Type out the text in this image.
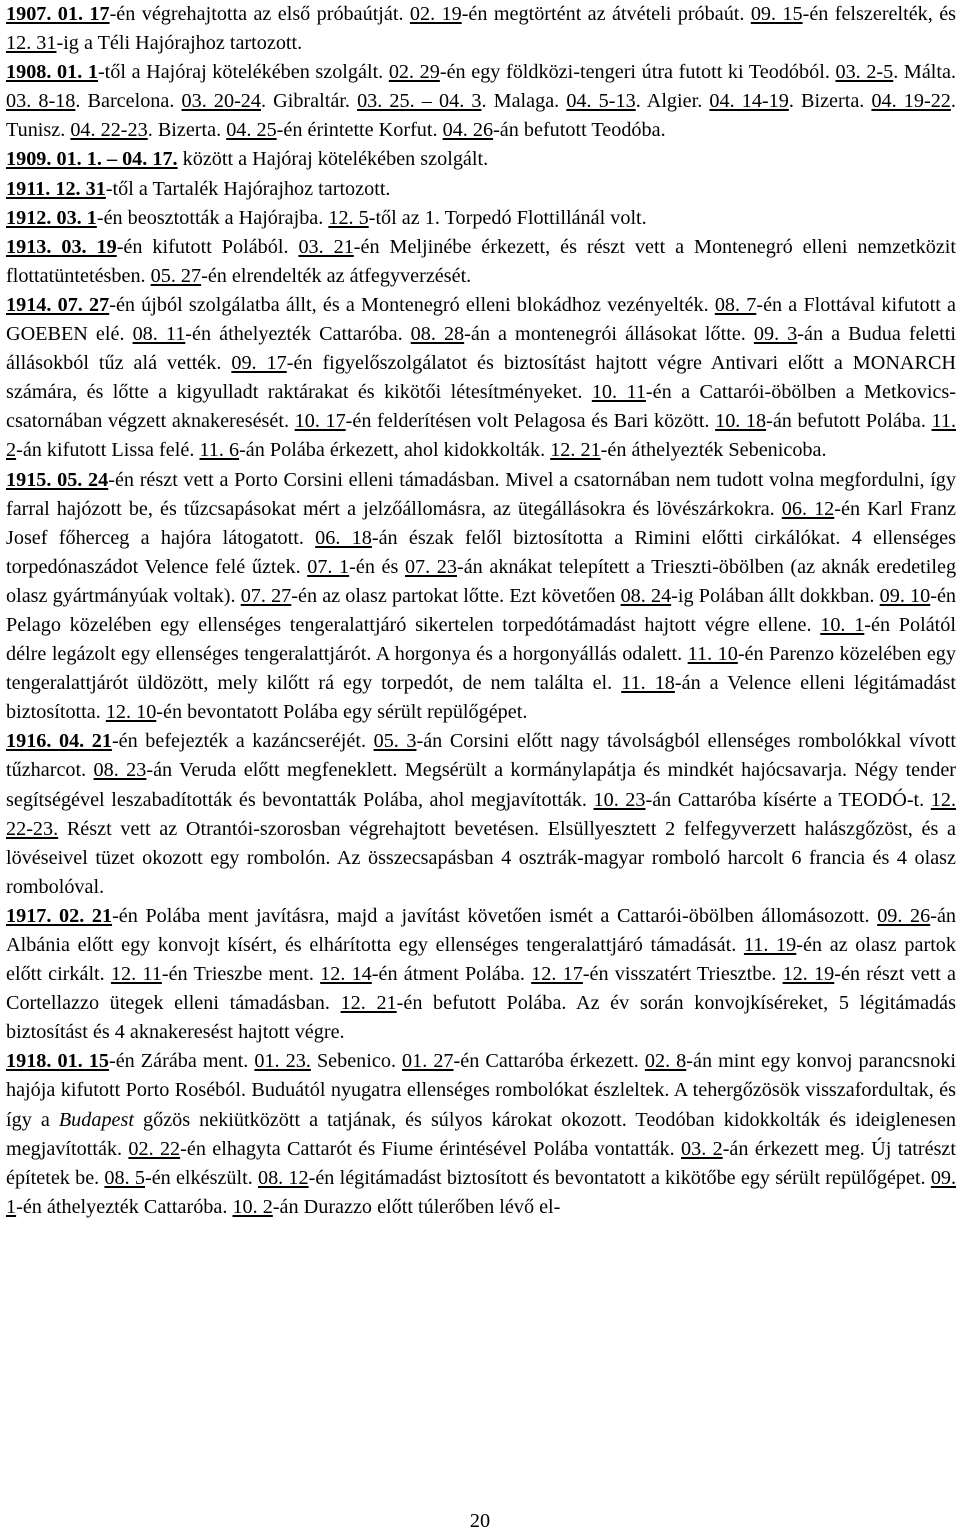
1907. 01. 17-én végrehajtotta az első próbaútját. 02. 19-én megtörtént az átvételi próbaút. 09. 15-én felszerelték, és 12. 31-ig a Téli Hajórajhoz tartozott.

1908. 01. 1-től a Hajóraj kötelékében szolgált. 02. 29-én egy földközi-tengeri útra futott ki Teodóból. 03. 2-5. Málta. 03. 8-18. Barcelona. 03. 20-24. Gibraltár. 03. 25. – 04. 3. Malaga. 04. 5-13. Algier. 04. 14-19. Bizerta. 04. 19-22. Tunisz. 04. 22-23. Bizerta. 04. 25-én érintette Korfut. 04. 26-án befutott Teodóba.

1909. 01. 1. – 04. 17. között a Hajóraj kötelékében szolgált.

1911. 12. 31-től a Tartalék Hajórajhoz tartozott.

1912. 03. 1-én beosztották a Hajórajba. 12. 5-től az 1. Torpedó Flottillánál volt.

1913. 03. 19-én kifutott Polából. 03. 21-én Meljinébe érkezett, és részt vett a Montenegró elleni nemzetközit flottatüntetésben. 05. 27-én elrendelték az átfegyverzését.

1914. 07. 27-én újból szolgálatba állt, és a Montenegró elleni blokádhoz vezényelték. 08. 7-én a Flottával kifutott a GOEBEN elé. 08. 11-én áthelyezték Cattaróba. 08. 28-án a montenegrói állásokat lőtte. 09. 3-án a Budua feletti állásokból tűz alá vették. 09. 17-én figyelőszolgálatot és biztosítást hajtott végre Antivari előtt a MONARCH számára, és lőtte a kigyulladt raktárakat és kikötői létesítményeket. 10. 11-én a Cattarói-öbölben a Metkovics-csatornában végzett aknakeresését. 10. 17-én felderítésen volt Pelagosa és Bari között. 10. 18-án befutott Polába. 11. 2-án kifutott Lissa felé. 11. 6-án Polába érkezett, ahol kidokkolták. 12. 21-én áthelyezték Sebenicoba.

1915. 05. 24-én részt vett a Porto Corsini elleni támadásban. Mivel a csatornában nem tudott volna megfordulni, így farral hajózott be, és tűzcsapásokat mért a jelzőállomásra, az ütegállásokra és lövészárkokra. 06. 12-én Karl Franz Josef főherceg a hajóra látogatott. 06. 18-án észak felől biztosította a Rimini előtti cirkálókat. 4 ellenséges torpedónaszádot Velence felé űztek. 07. 1-én és 07. 23-án aknákat telepített a Trieszti-öbölben (az aknák eredetileg olasz gyártmányúak voltak). 07. 27-én az olasz partokat lőtte. Ezt követően 08. 24-ig Polában állt dokkban. 09. 10-én Pelago közelében egy ellenséges tengeralattjáró sikertelen torpedótámadást hajtott végre ellene. 10. 1-én Polától délre legázolt egy ellenséges tengeralattjárót. A horgonya és a horgonyállás odalett. 11. 10-én Parenzo közelében egy tengeralattjárót üldözött, mely kilőtt rá egy torpedót, de nem találta el. 11. 18-án a Velence elleni légitámadást biztosította. 12. 10-én bevontatott Polába egy sérült repülőgépet.

1916. 04. 21-én befejezték a kazáncseréjét. 05. 3-án Corsini előtt nagy távolságból ellenséges rombolókkal vívott tűzharcot. 08. 23-án Veruda előtt megfeneklett. Megsérült a kormánylapátja és mindkét hajócsavarja. Négy tender segítségével leszabadították és bevontatták Polába, ahol megjavították. 10. 23-án Cattaróba kísérte a TEODÓ-t. 12. 22-23. Részt vett az Otrantói-szorosban végrehajtott bevetésen. Elsüllyesztett 2 felfegyverzett halászgőzöst, és a lövéseivel tüzet okozott egy rombolón. Az összecsapásban 4 osztrák-magyar romboló harcolt 6 francia és 4 olasz rombolóval.

1917. 02. 21-én Polába ment javításra, majd a javítást követően ismét a Cattarói-öbölben állomásozott. 09. 26-án Albánia előtt egy konvojt kísért, és elhárította egy ellenséges tengeralattjáró támadását. 11. 19-én az olasz partok előtt cirkált. 12. 11-én Trieszbe ment. 12. 14-én átment Polába. 12. 17-én visszatért Triesztbe. 12. 19-én részt vett a Cortellazzo ütegek elleni támadásban. 12. 21-én befutott Polába. Az év során konvojkíséreket, 5 légitámadás biztosítást és 4 aknakeresést hajtott végre.

1918. 01. 15-én Zárába ment. 01. 23. Sebenico. 01. 27-én Cattaróba érkezett. 02. 8-án mint egy konvoj parancsnoki hajója kifutott Porto Roséból. Buduától nyugatra ellenséges rombolókat észleltek. A tehergőzösök visszafordultak, és így a Budapest gőzös nekiütközött a tatjának, és súlyos károkat okozott. Teodóban kidokkolták és ideiglenesen megjavították. 02. 22-én elhagyta Cattarót és Fiume érintésével Polába vontatták. 03. 2-án érkezett meg. Új tatrészt építetek be. 08. 5-én elkészült. 08. 12-én légitámadást biztosított és bevontatott a kikötőbe egy sérült repülőgépet. 09. 1-én áthelyezték Cattaróba. 10. 2-án Durazzo előtt túlerőben lévő el-

20
